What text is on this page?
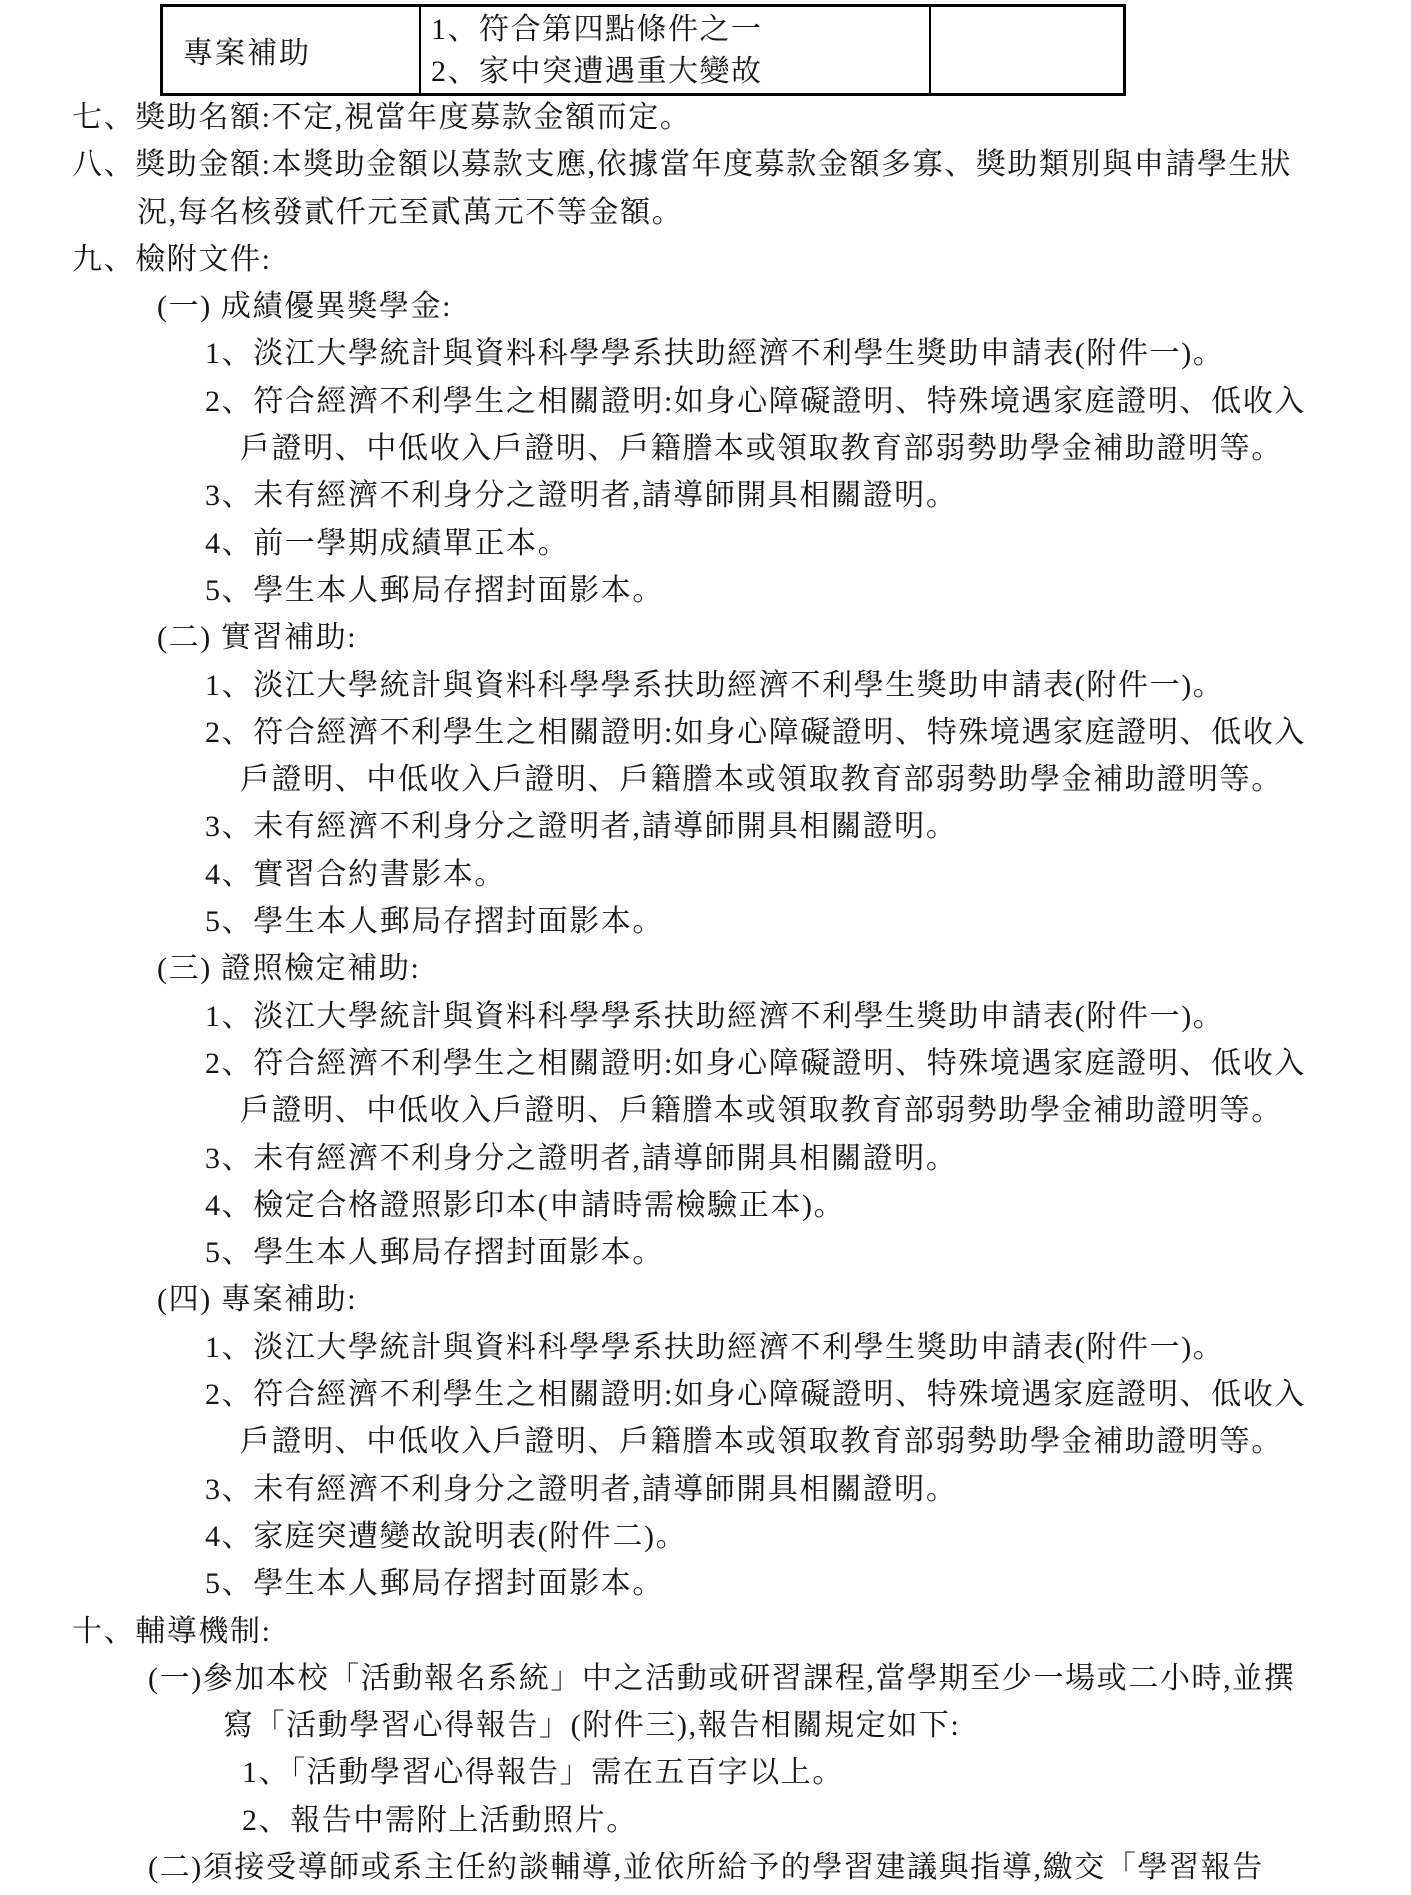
專案補助
1、符合第四點條件之一
2、家中突遭遇重大變故
七、獎助名額:不定,視當年度募款金額而定。
八、獎助金額:本獎助金額以募款支應,依據當年度募款金額多寡、獎助類別與申請學生狀
況,每名核發貳仟元至貳萬元不等金額。
九、檢附文件:
(一) 成績優異獎學金:
1、淡江大學統計與資料科學學系扶助經濟不利學生獎助申請表(附件一)。
2、符合經濟不利學生之相關證明:如身心障礙證明、特殊境遇家庭證明、低收入
戶證明、中低收入戶證明、戶籍謄本或領取教育部弱勢助學金補助證明等。
3、未有經濟不利身分之證明者,請導師開具相關證明。
4、前一學期成績單正本。
5、學生本人郵局存摺封面影本。
(二) 實習補助:
1、淡江大學統計與資料科學學系扶助經濟不利學生獎助申請表(附件一)。
2、符合經濟不利學生之相關證明:如身心障礙證明、特殊境遇家庭證明、低收入
戶證明、中低收入戶證明、戶籍謄本或領取教育部弱勢助學金補助證明等。
3、未有經濟不利身分之證明者,請導師開具相關證明。
4、實習合約書影本。
5、學生本人郵局存摺封面影本。
(三) 證照檢定補助:
1、淡江大學統計與資料科學學系扶助經濟不利學生獎助申請表(附件一)。
2、符合經濟不利學生之相關證明:如身心障礙證明、特殊境遇家庭證明、低收入
戶證明、中低收入戶證明、戶籍謄本或領取教育部弱勢助學金補助證明等。
3、未有經濟不利身分之證明者,請導師開具相關證明。
4、檢定合格證照影印本(申請時需檢驗正本)。
5、學生本人郵局存摺封面影本。
(四) 專案補助:
1、淡江大學統計與資料科學學系扶助經濟不利學生獎助申請表(附件一)。
2、符合經濟不利學生之相關證明:如身心障礙證明、特殊境遇家庭證明、低收入
戶證明、中低收入戶證明、戶籍謄本或領取教育部弱勢助學金補助證明等。
3、未有經濟不利身分之證明者,請導師開具相關證明。
4、家庭突遭變故說明表(附件二)。
5、學生本人郵局存摺封面影本。
十、輔導機制:
(一)參加本校「活動報名系統」中之活動或研習課程,當學期至少一場或二小時,並撰
寫「活動學習心得報告」(附件三),報告相關規定如下:
1、「活動學習心得報告」需在五百字以上。
2、報告中需附上活動照片。
(二)須接受導師或系主任約談輔導,並依所給予的學習建議與指導,繳交「學習報告
